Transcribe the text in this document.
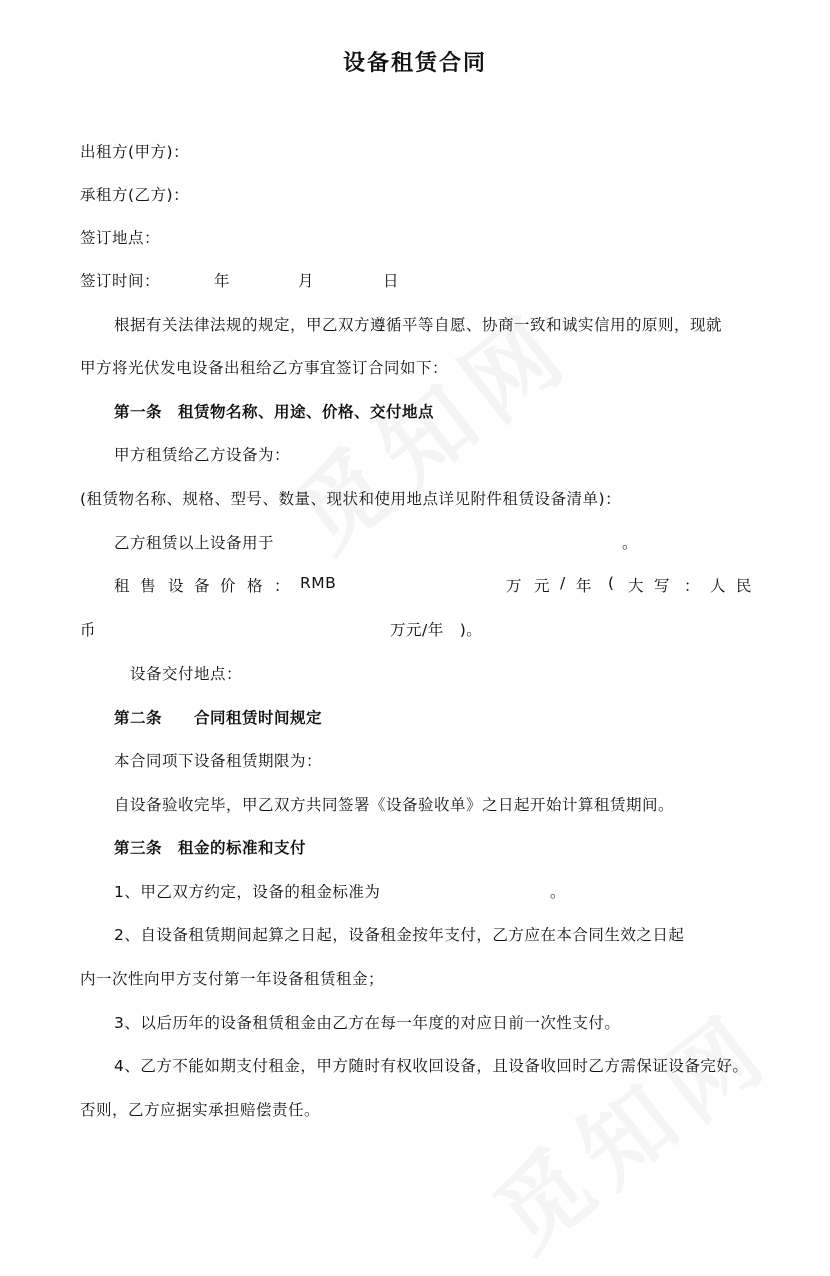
设备租赁合同
出租方(甲方)：
承租方(乙方)：
签订地点：
签订时间：	年	月	日
根据有关法律法规的规定，甲乙双方遵循平等自愿、协商一致和诚实信用的原则，现就
甲方将光伏发电设备出租给乙方事宜签订合同如下：
第一条　租赁物名称、用途、价格、交付地点
甲方租赁给乙方设备为：
(租赁物名称、规格、型号、数量、现状和使用地点详见附件租赁设备清单)：
乙方租赁以上设备用于	。
租 售 设 备 价 格 ： RMB	万 元 / 年 ( 大 写 ： 人 民
币	万元/年　)。
设备交付地点：
第二条　　合同租赁时间规定
本合同项下设备租赁期限为：
自设备验收完毕，甲乙双方共同签署《设备验收单》之日起开始计算租赁期间。
第三条　租金的标准和支付
1、甲乙双方约定，设备的租金标准为	。
2、自设备租赁期间起算之日起，设备租金按年支付，乙方应在本合同生效之日起
内一次性向甲方支付第一年设备租赁租金；
3、以后历年的设备租赁租金由乙方在每一年度的对应日前一次性支付。
4、乙方不能如期支付租金，甲方随时有权收回设备，且设备收回时乙方需保证设备完好。
否则，乙方应据实承担赔偿责任。
